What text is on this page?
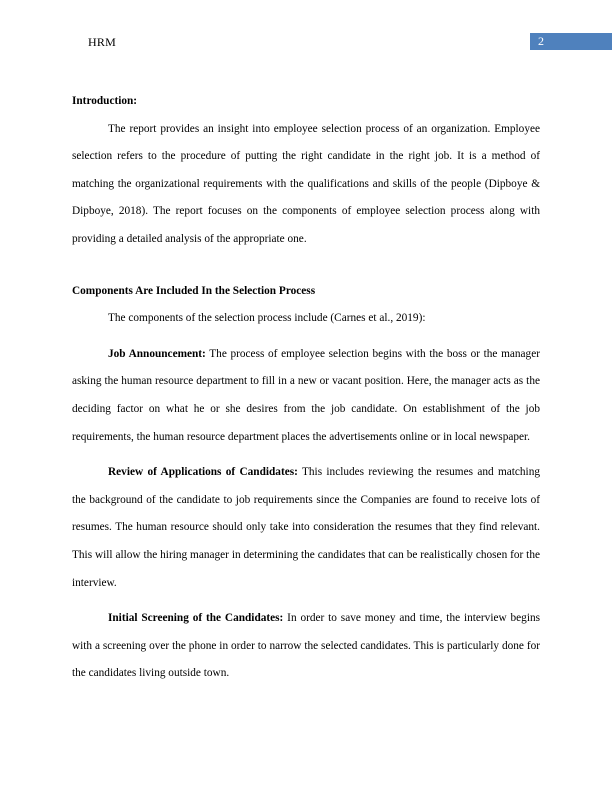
HRM	2

Introduction:

The report provides an insight into employee selection process of an organization. Employee selection refers to the procedure of putting the right candidate in the right job. It is a method of matching the organizational requirements with the qualifications and skills of the people (Dipboye & Dipboye, 2018). The report focuses on the components of employee selection process along with providing a detailed analysis of the appropriate one.

Components Are Included In the Selection Process

The components of the selection process include (Carnes et al., 2019):

Job Announcement: The process of employee selection begins with the boss or the manager asking the human resource department to fill in a new or vacant position. Here, the manager acts as the deciding factor on what he or she desires from the job candidate. On establishment of the job requirements, the human resource department places the advertisements online or in local newspaper.

Review of Applications of Candidates: This includes reviewing the resumes and matching the background of the candidate to job requirements since the Companies are found to receive lots of resumes. The human resource should only take into consideration the resumes that they find relevant. This will allow the hiring manager in determining the candidates that can be realistically chosen for the interview.

Initial Screening of the Candidates: In order to save money and time, the interview begins with a screening over the phone in order to narrow the selected candidates. This is particularly done for the candidates living outside town.
